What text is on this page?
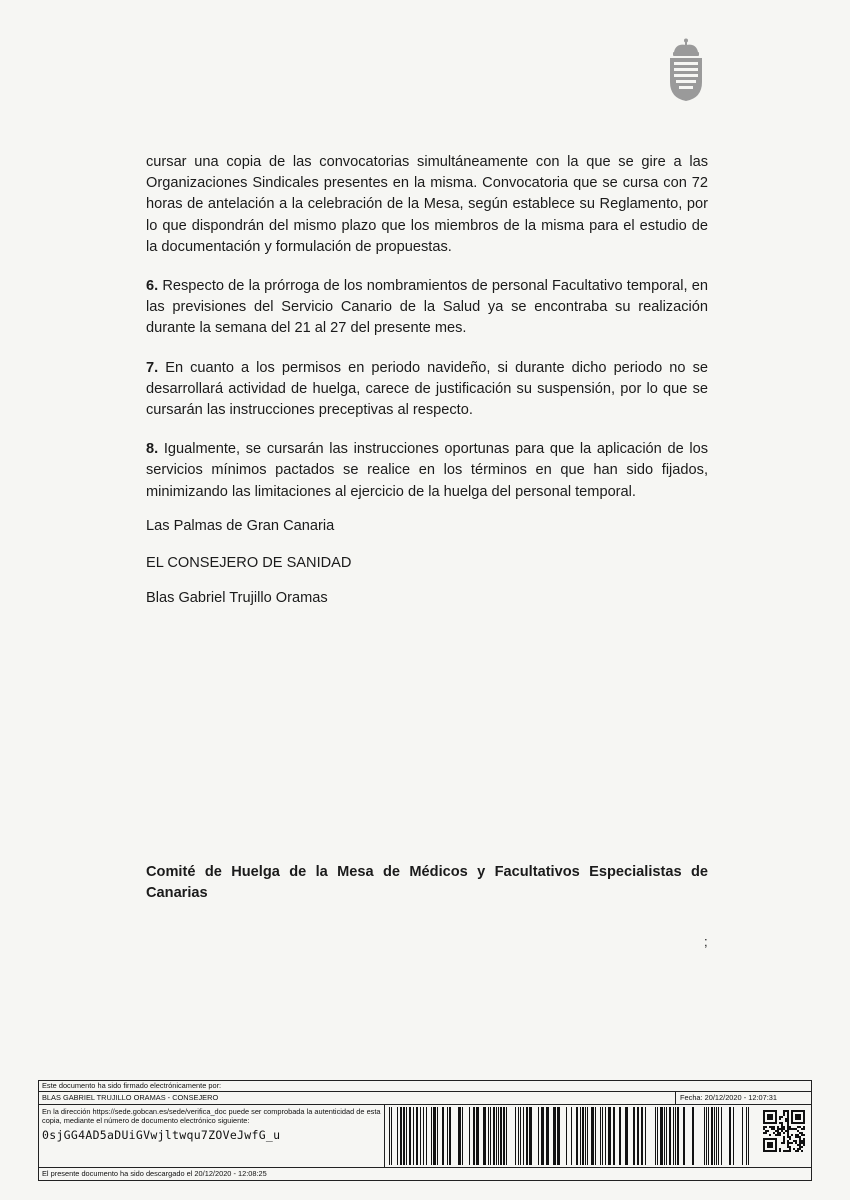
cursar una copia de las convocatorias simultáneamente con la que se gire a las Organizaciones Sindicales presentes en la misma. Convocatoria que se cursa con 72 horas de antelación a la celebración de la Mesa, según establece su Reglamento, por lo que dispondrán del mismo plazo que los miembros de la misma para el estudio de la documentación y formulación de propuestas.

6. Respecto de la prórroga de los nombramientos de personal Facultativo temporal, en las previsiones del Servicio Canario de la Salud ya se encontraba su realización durante la semana del 21 al 27 del presente mes.

7. En cuanto a los permisos en periodo navideño, si durante dicho periodo no se desarrollará actividad de huelga, carece de justificación su suspensión, por lo que se cursarán las instrucciones preceptivas al respecto.

8. Igualmente, se cursarán las instrucciones oportunas para que la aplicación de los servicios mínimos pactados se realice en los términos en que han sido fijados, minimizando las limitaciones al ejercicio de la huelga del personal temporal.

Las Palmas de Gran Canaria
EL CONSEJERO DE SANIDAD
Blas Gabriel Trujillo Oramas
Comité de Huelga de la Mesa de Médicos y Facultativos Especialistas de Canarias
;
Este documento ha sido firmado electrónicamente por:
BLAS GABRIEL TRUJILLO ORAMAS - CONSEJERO	Fecha: 20/12/2020 - 12:07:31
En la dirección https://sede.gobcan.es/sede/verifica_doc puede ser comprobada la autenticidad de esta copia, mediante el número de documento electrónico siguiente:
0sjGG4AD5aDUiGVwjltwqu7ZOVeJwfG_u
El presente documento ha sido descargado el 20/12/2020 - 12:08:25
